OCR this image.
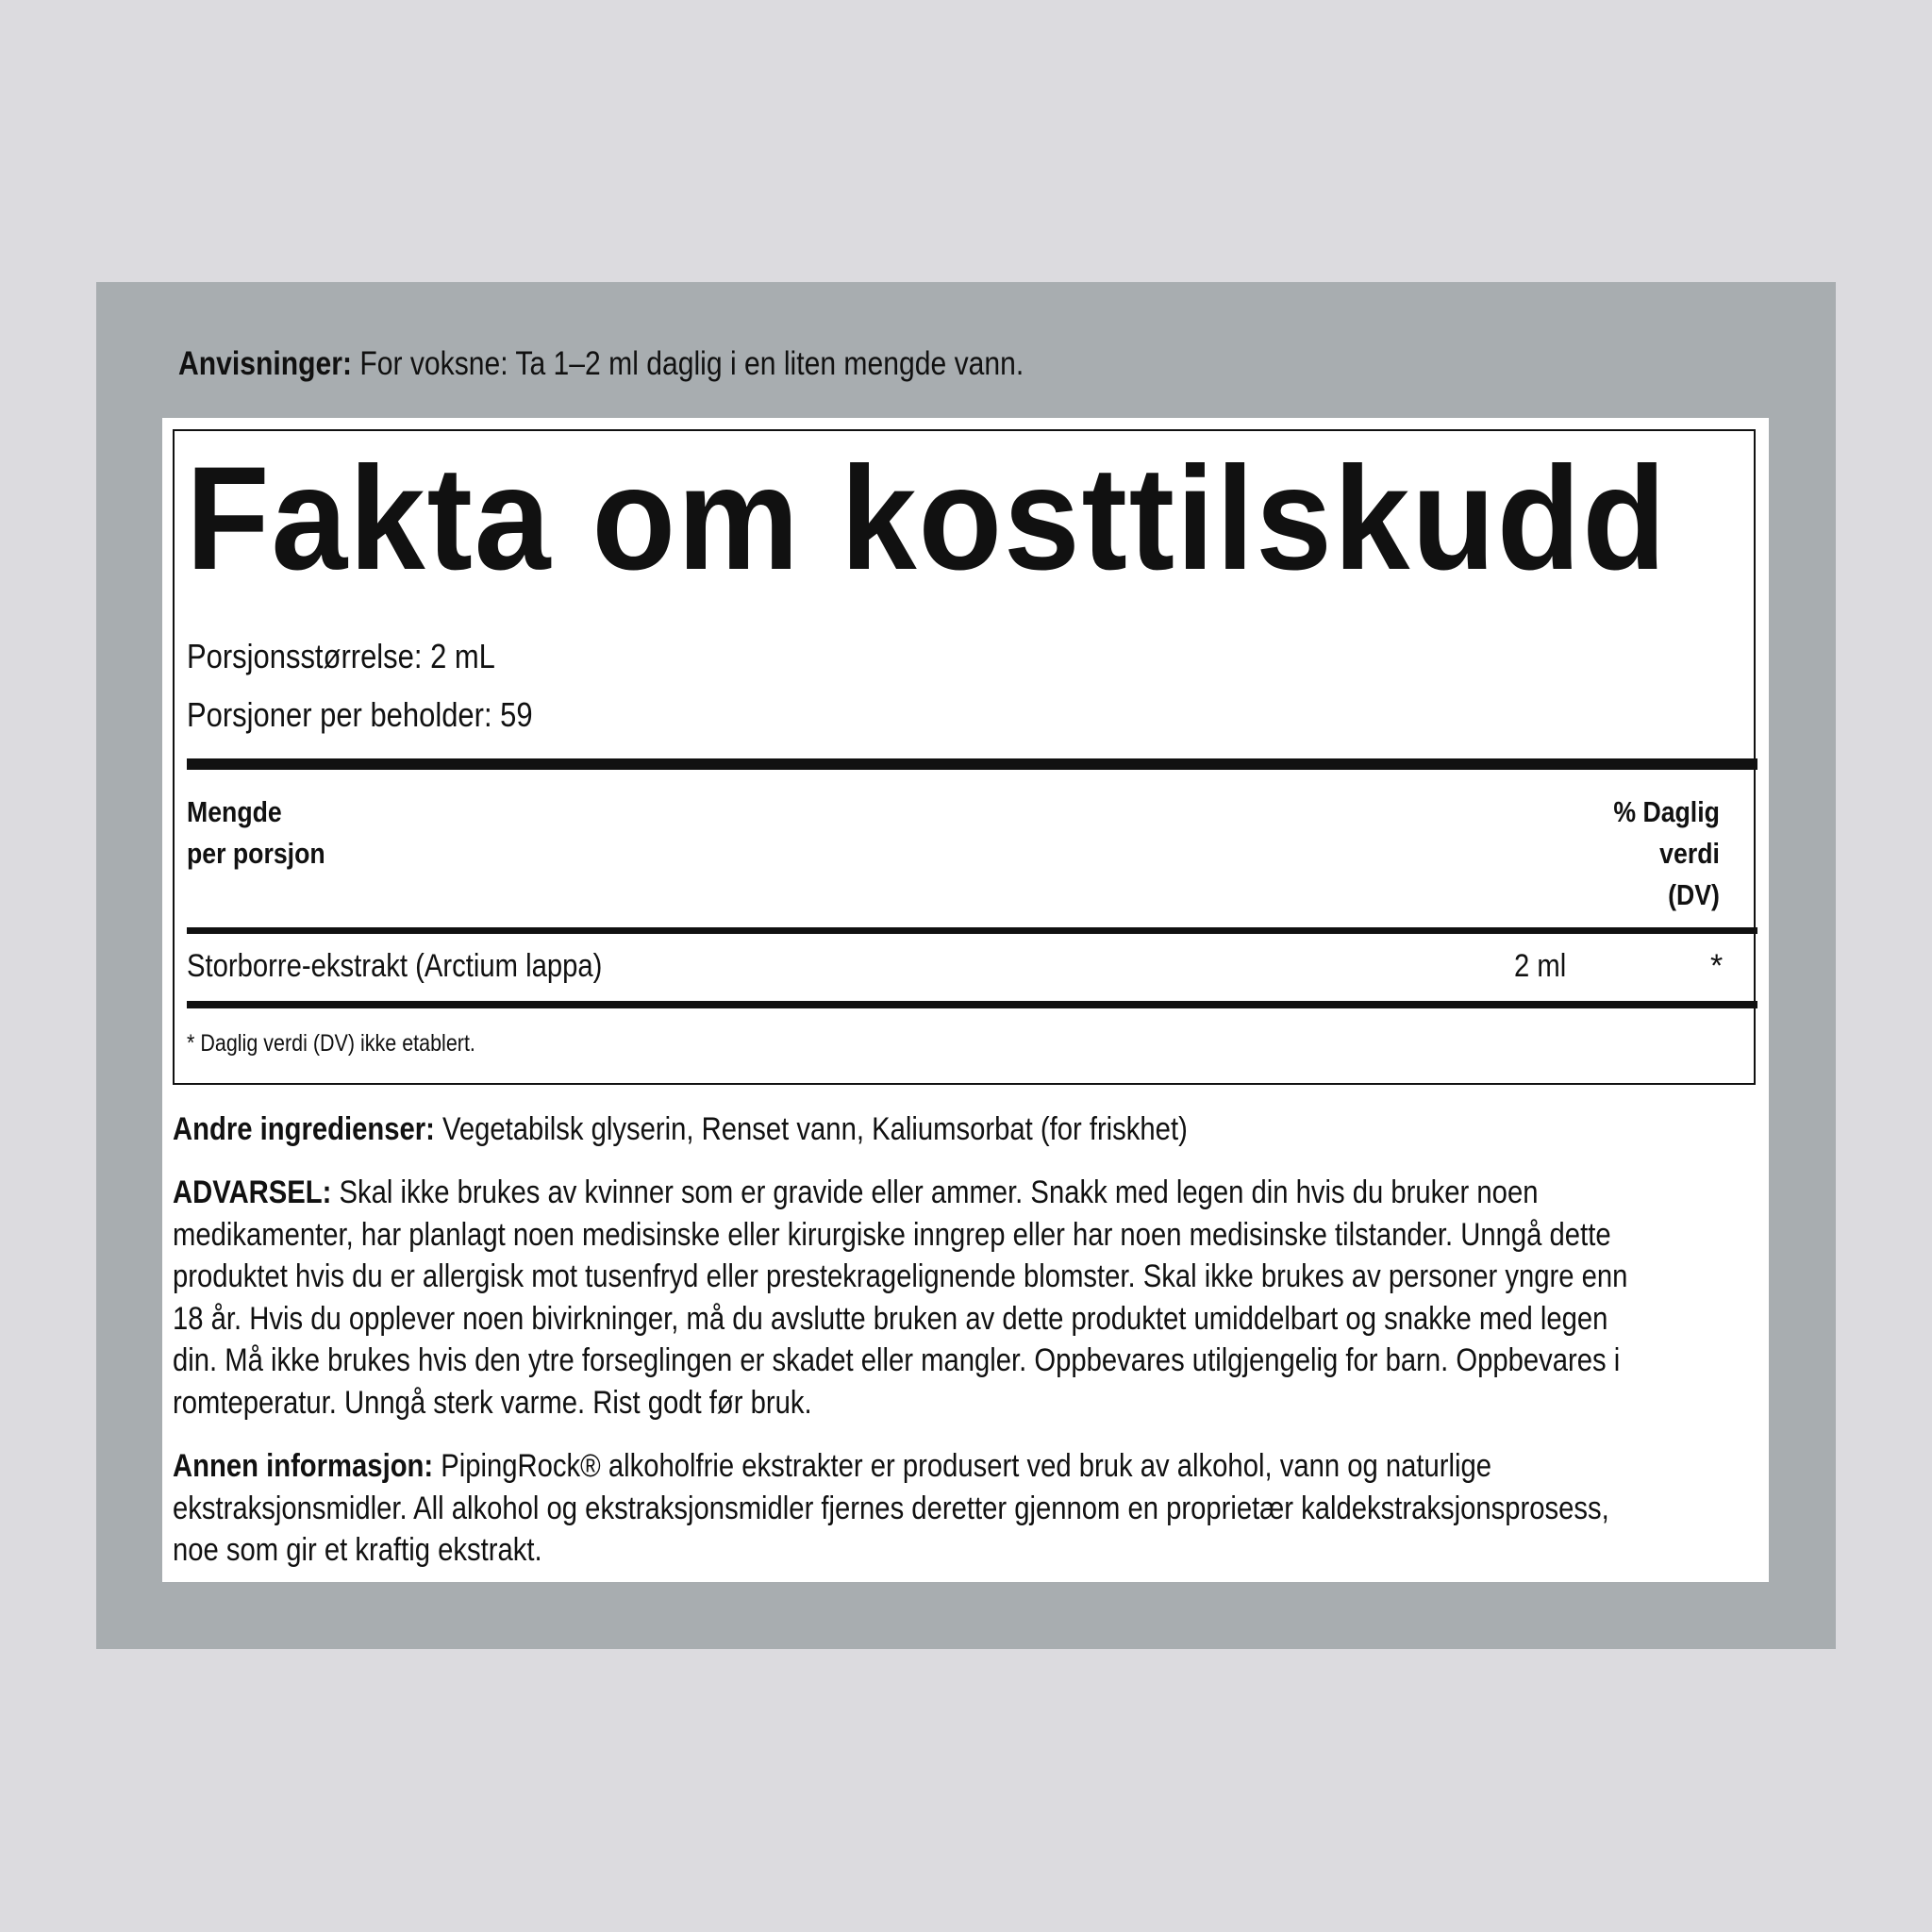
Anvisninger: For voksne: Ta 1–2 ml daglig i en liten mengde vann.
Fakta om kosttilskudd
Porsjonsstørrelse: 2 mL
Porsjoner per beholder: 59
Mengde
per porsjon
% Daglig
verdi
(DV)
Storborre-ekstrakt (Arctium lappa)	2 ml	*
* Daglig verdi (DV) ikke etablert.
Andre ingredienser: Vegetabilsk glyserin, Renset vann, Kaliumsorbat (for friskhet)
ADVARSEL: Skal ikke brukes av kvinner som er gravide eller ammer. Snakk med legen din hvis du bruker noen
medikamenter, har planlagt noen medisinske eller kirurgiske inngrep eller har noen medisinske tilstander. Unngå dette
produktet hvis du er allergisk mot tusenfryd eller prestekragelignende blomster. Skal ikke brukes av personer yngre enn
18 år. Hvis du opplever noen bivirkninger, må du avslutte bruken av dette produktet umiddelbart og snakke med legen
din. Må ikke brukes hvis den ytre forseglingen er skadet eller mangler. Oppbevares utilgjengelig for barn. Oppbevares i
romteperatur. Unngå sterk varme. Rist godt før bruk.
Annen informasjon: PipingRock® alkoholfrie ekstrakter er produsert ved bruk av alkohol, vann og naturlige
ekstraksjonsmidler. All alkohol og ekstraksjonsmidler fjernes deretter gjennom en proprietær kaldekstraksjonsprosess,
noe som gir et kraftig ekstrakt.
